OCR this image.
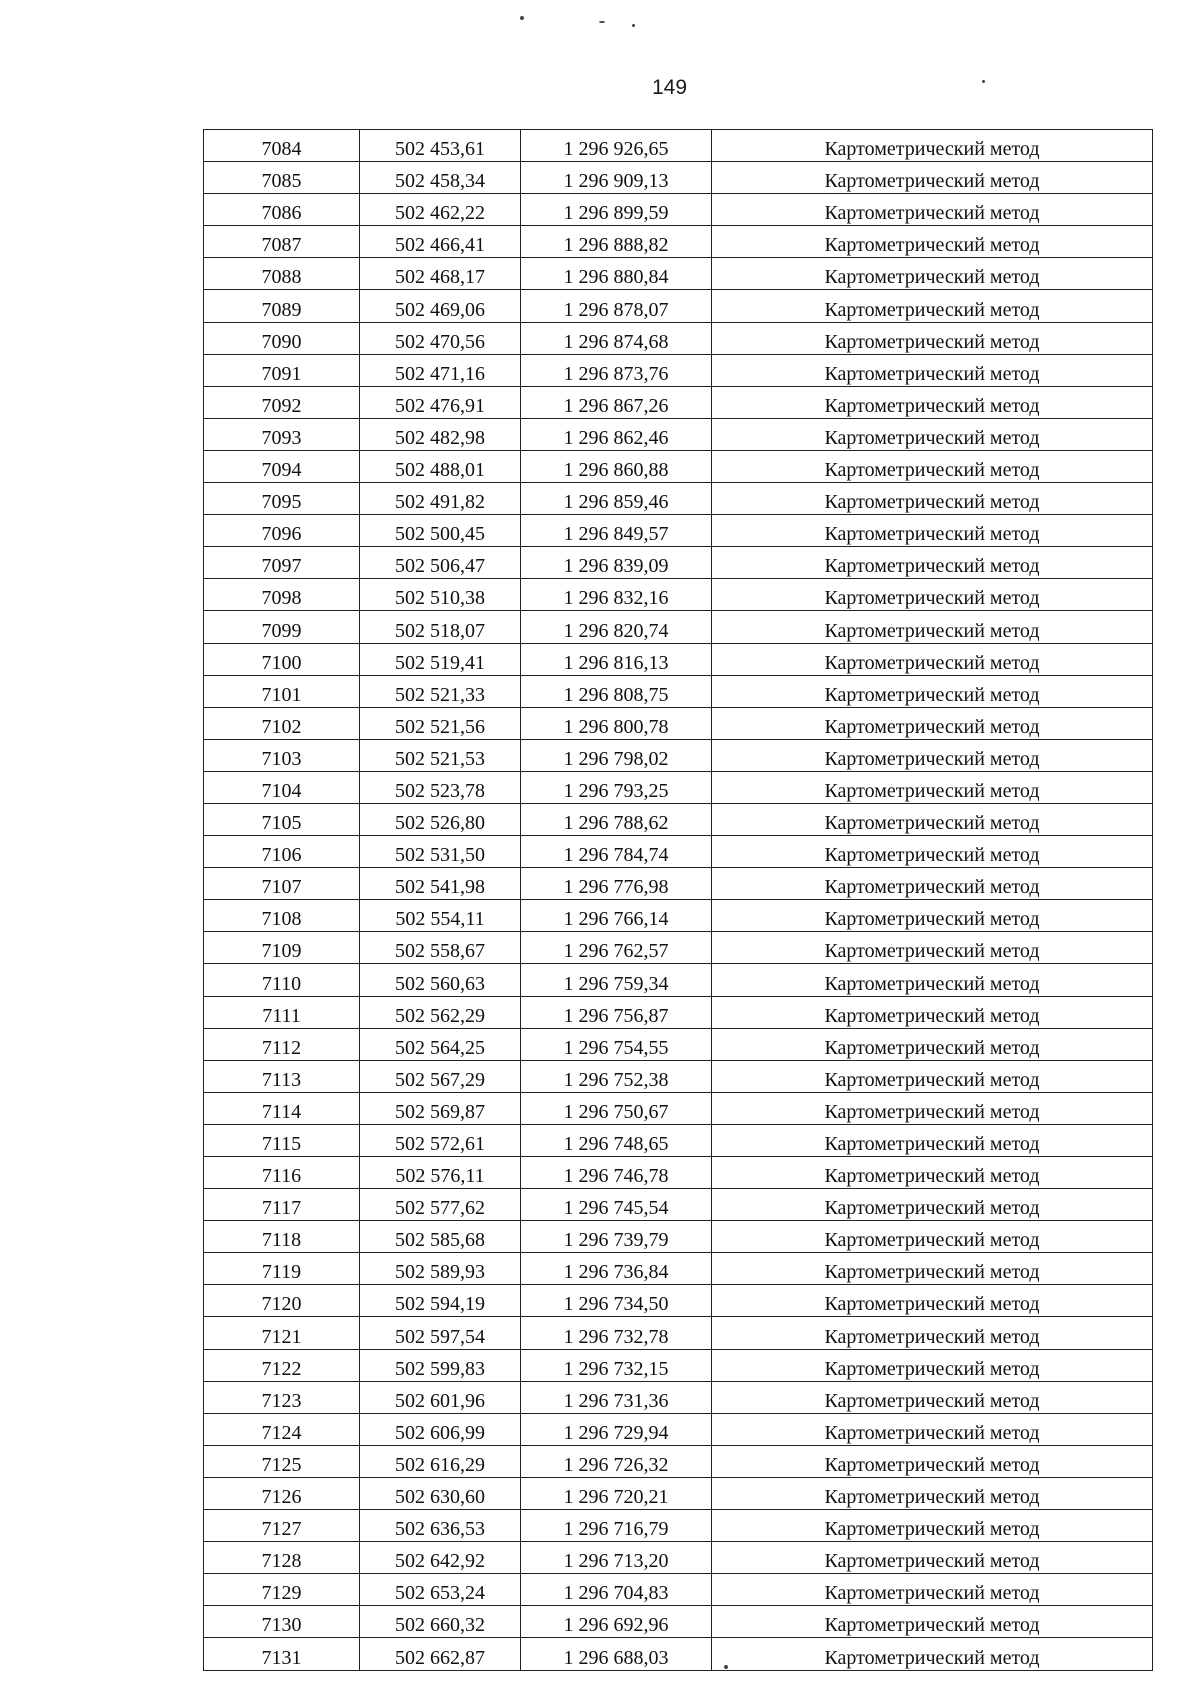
149
7084	502 453,61	1 296 926,65	Картометрический метод
7085	502 458,34	1 296 909,13	Картометрический метод
7086	502 462,22	1 296 899,59	Картометрический метод
7087	502 466,41	1 296 888,82	Картометрический метод
7088	502 468,17	1 296 880,84	Картометрический метод
7089	502 469,06	1 296 878,07	Картометрический метод
7090	502 470,56	1 296 874,68	Картометрический метод
7091	502 471,16	1 296 873,76	Картометрический метод
7092	502 476,91	1 296 867,26	Картометрический метод
7093	502 482,98	1 296 862,46	Картометрический метод
7094	502 488,01	1 296 860,88	Картометрический метод
7095	502 491,82	1 296 859,46	Картометрический метод
7096	502 500,45	1 296 849,57	Картометрический метод
7097	502 506,47	1 296 839,09	Картометрический метод
7098	502 510,38	1 296 832,16	Картометрический метод
7099	502 518,07	1 296 820,74	Картометрический метод
7100	502 519,41	1 296 816,13	Картометрический метод
7101	502 521,33	1 296 808,75	Картометрический метод
7102	502 521,56	1 296 800,78	Картометрический метод
7103	502 521,53	1 296 798,02	Картометрический метод
7104	502 523,78	1 296 793,25	Картометрический метод
7105	502 526,80	1 296 788,62	Картометрический метод
7106	502 531,50	1 296 784,74	Картометрический метод
7107	502 541,98	1 296 776,98	Картометрический метод
7108	502 554,11	1 296 766,14	Картометрический метод
7109	502 558,67	1 296 762,57	Картометрический метод
7110	502 560,63	1 296 759,34	Картометрический метод
7111	502 562,29	1 296 756,87	Картометрический метод
7112	502 564,25	1 296 754,55	Картометрический метод
7113	502 567,29	1 296 752,38	Картометрический метод
7114	502 569,87	1 296 750,67	Картометрический метод
7115	502 572,61	1 296 748,65	Картометрический метод
7116	502 576,11	1 296 746,78	Картометрический метод
7117	502 577,62	1 296 745,54	Картометрический метод
7118	502 585,68	1 296 739,79	Картометрический метод
7119	502 589,93	1 296 736,84	Картометрический метод
7120	502 594,19	1 296 734,50	Картометрический метод
7121	502 597,54	1 296 732,78	Картометрический метод
7122	502 599,83	1 296 732,15	Картометрический метод
7123	502 601,96	1 296 731,36	Картометрический метод
7124	502 606,99	1 296 729,94	Картометрический метод
7125	502 616,29	1 296 726,32	Картометрический метод
7126	502 630,60	1 296 720,21	Картометрический метод
7127	502 636,53	1 296 716,79	Картометрический метод
7128	502 642,92	1 296 713,20	Картометрический метод
7129	502 653,24	1 296 704,83	Картометрический метод
7130	502 660,32	1 296 692,96	Картометрический метод
7131	502 662,87	1 296 688,03	Картометрический метод
